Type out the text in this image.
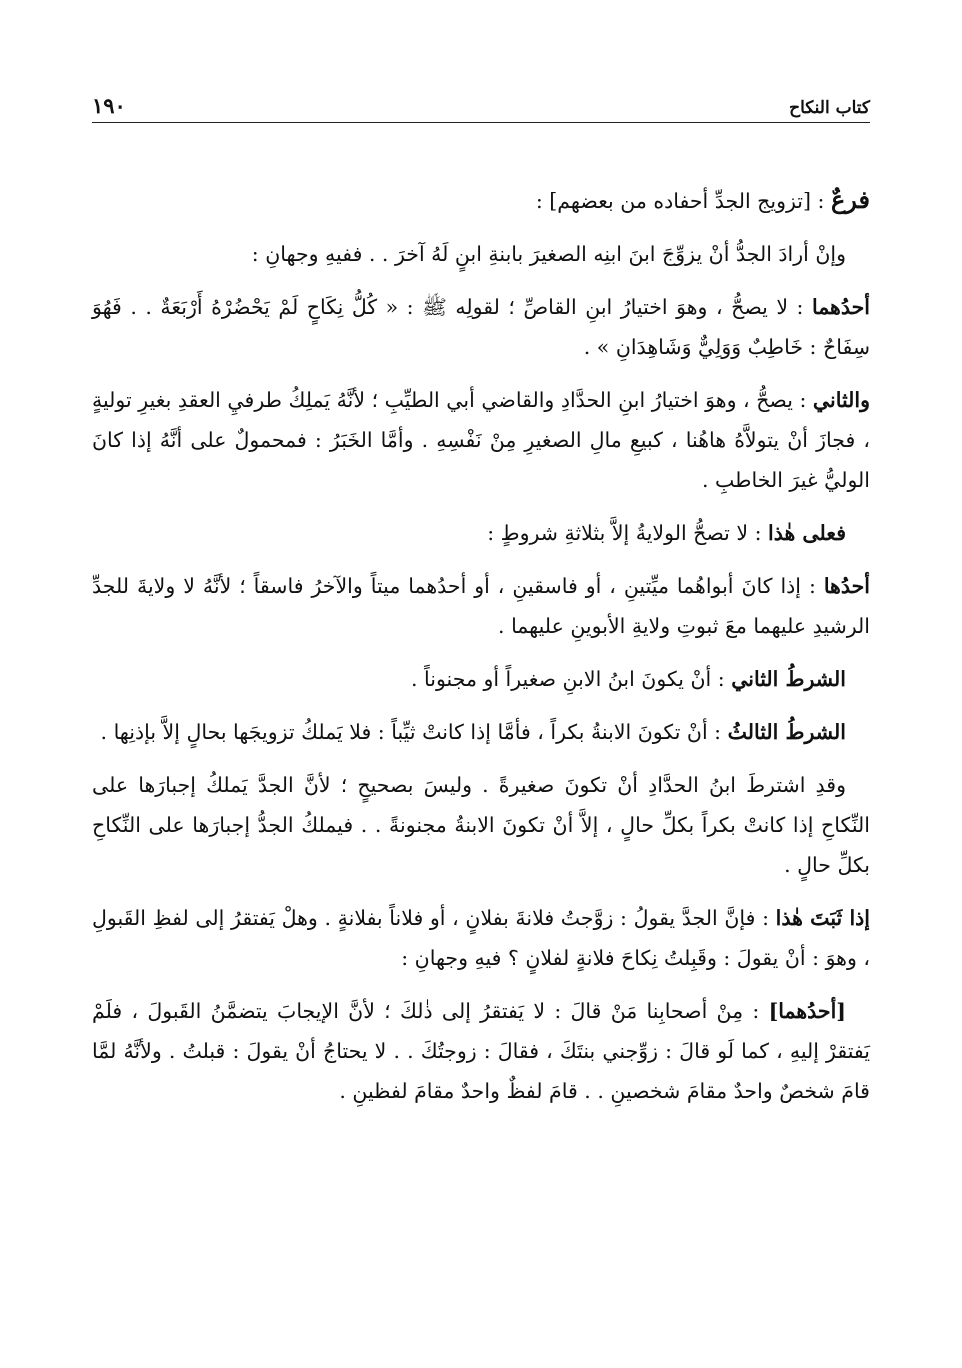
كتاب النكاح
١٩٠

فرعٌ : [تزويج الجدِّ أحفاده من بعضهم] :

وإنْ أرادَ الجدُّ أنْ يزوِّجَ ابنَ ابنِه الصغيرَ بابنةِ ابنٍ لَهُ آخرَ . . ففيهِ وجهانِ :

أحدُهما : لا يصحُّ ، وهوَ اختيارُ ابنِ القاصِّ ؛ لقولِه ﷺ : « كُلُّ نِكَاحٍ لَمْ يَحْضُرْهُ أَرْبَعَةٌ . . فَهُوَ سِفَاحٌ : خَاطِبٌ وَوَلِيٌّ وَشَاهِدَانِ » .

والثاني : يصحُّ ، وهوَ اختيارُ ابنِ الحدَّادِ والقاضي أبي الطيِّبِ ؛ لأنَّهُ يَملِكُ طرفيِ العقدِ بغيرِ توليةٍ ، فجازَ أنْ يتولاَّهُ هاهُنا ، كبيعِ مالِ الصغيرِ مِنْ نَفْسِهِ . وأمَّا الخَبَرُ : فمحمولٌ على أنَّهُ إذا كانَ الوليُّ غيرَ الخاطبِ .

فعلى هٰذا : لا تصحُّ الولايةُ إلاَّ بثلاثةِ شروطٍ :

أحدُها : إذا كانَ أبواهُما ميِّتينِ ، أو فاسقينِ ، أو أحدُهما ميتاً والآخرُ فاسقاً ؛ لأنَّهُ لا ولايةَ للجدِّ الرشيدِ عليهما معَ ثبوتِ ولايةِ الأبوينِ عليهما .

الشرطُ الثاني : أنْ يكونَ ابنُ الابنِ صغيراً أو مجنوناً .

الشرطُ الثالثُ : أنْ تكونَ الابنةُ بكراً ، فأمَّا إذا كانتْ ثيِّباً : فلا يَملكُ تزويجَها بحالٍ إلاَّ بإذنِها .

وقدِ اشترطَ ابنُ الحدَّادِ أنْ تكونَ صغيرةً . وليسَ بصحيحٍ ؛ لأنَّ الجدَّ يَملكُ إجبارَها على النِّكاحِ إذا كانتْ بكراً بكلِّ حالٍ ، إلاَّ أنْ تكونَ الابنةُ مجنونةً . . فيملكُ الجدُّ إجبارَها على النِّكاحِ بكلِّ حالٍ .

إذا ثَبَتَ هٰذا : فإنَّ الجدَّ يقولُ : زوَّجتُ فلانةَ بفلانٍ ، أو فلاناً بفلانةٍ . وهلْ يَفتقرُ إلى لفظِ القَبولِ ، وهوَ : أنْ يقولَ : وقَبِلتُ نِكاحَ فلانةٍ لفلانٍ ؟ فيهِ وجهانِ :

[أحدُهما] : مِنْ أصحابِنا مَنْ قالَ : لا يَفتقرُ إلى ذٰلكَ ؛ لأنَّ الإيجابَ يتضمَّنُ القَبولَ ، فلَمْ يَفتقرْ إليهِ ، كما لَو قالَ : زوِّجني بنتَكَ ، فقالَ : زوجتُكَ . . لا يحتاجُ أنْ يقولَ : قبلتُ . ولأنَّهُ لمَّا قامَ شخصٌ واحدٌ مقامَ شخصينِ . . قامَ لفظٌ واحدٌ مقامَ لفظينِ .
